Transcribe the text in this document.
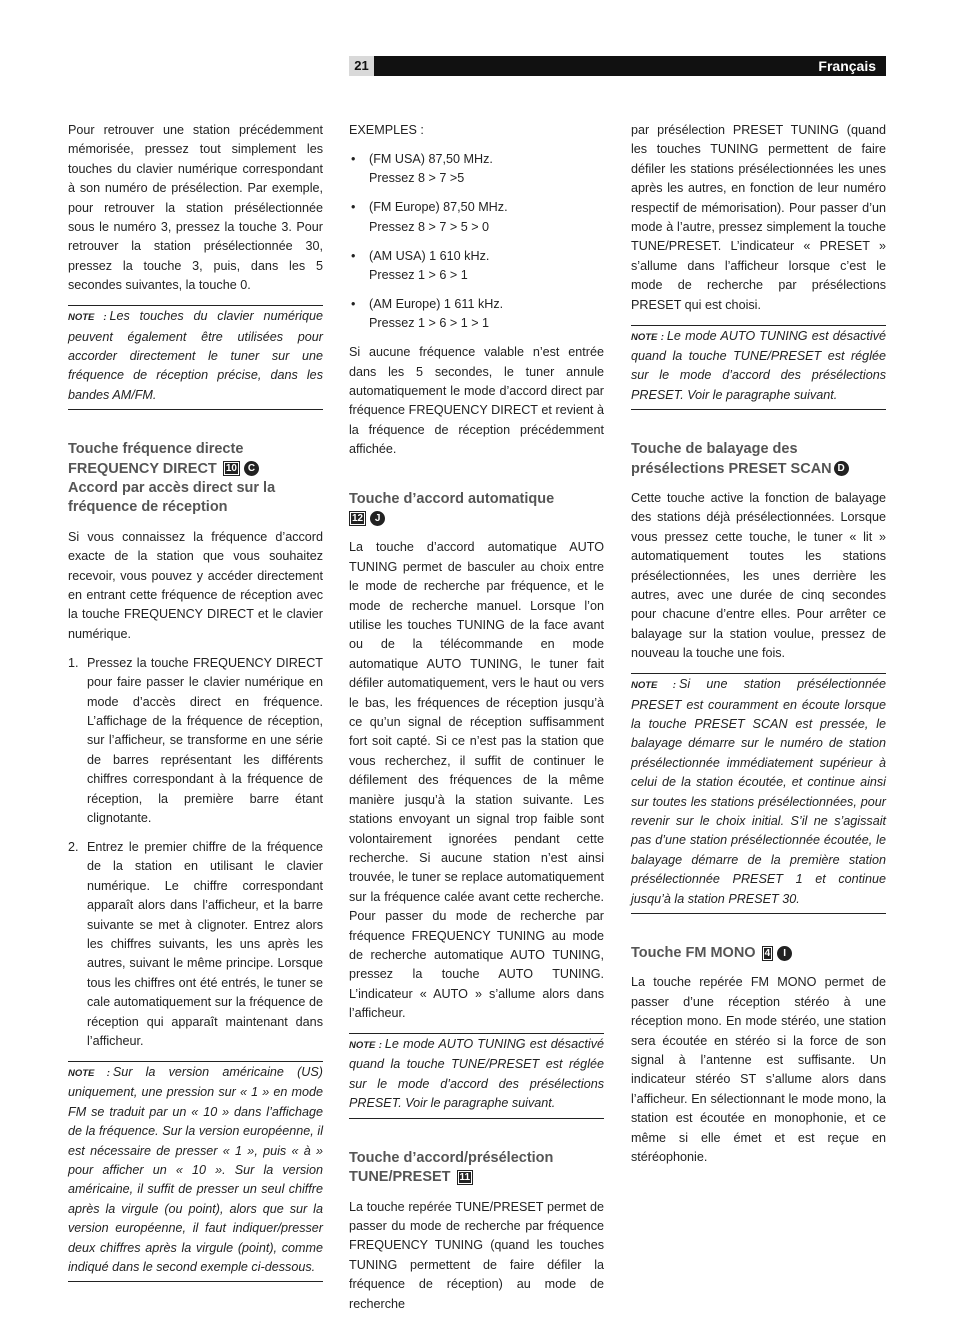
21	Français

Pour retrouver une station précédemment mémorisée, pressez tout simplement les touches du clavier numérique correspondant à son numéro de présélection. Par exemple, pour retrouver la station présélectionnée sous le numéro 3, pressez la touche 3. Pour retrouver la station présélectionnée 30, pressez la touche 3, puis, dans les 5 secondes suivantes, la touche 0.

NOTE : Les touches du clavier numérique peuvent également être utilisées pour accorder directement le tuner sur une fréquence de réception précise, dans les bandes AM/FM.
Touche fréquence directe
FREQUENCY DIRECT 10 C
Accord par accès direct sur la fréquence de réception

Si vous connaissez la fréquence d’accord exacte de la station que vous souhaitez recevoir, vous pouvez y accéder directement en entrant cette fréquence de réception avec la touche FREQUENCY DIRECT et le clavier numérique.

1. Pressez la touche FREQUENCY DIRECT pour faire passer le clavier numérique en mode d’accès direct en fréquence. L’affichage de la fréquence de réception, sur l’afficheur, se transforme en une série de barres représentant les différents chiffres correspondant à la fréquence de réception, la première barre étant clignotante.
2. Entrez le premier chiffre de la fréquence de la station en utilisant le clavier numérique. Le chiffre correspondant apparaît alors dans l’afficheur, et la barre suivante se met à clignoter. Entrez alors les chiffres suivants, les uns après les autres, suivant le même principe. Lorsque tous les chiffres ont été entrés, le tuner se cale automatiquement sur la fréquence de réception qui apparaît maintenant dans l’afficheur.
NOTE : Sur la version américaine (US) uniquement, une pression sur « 1 » en mode FM se traduit par un « 10 » dans l’affichage de la fréquence. Sur la version européenne, il est nécessaire de presser « 1 », puis « à » pour afficher un « 10 ». Sur la version américaine, il suffit de presser un seul chiffre après la virgule (ou point), alors que sur la version européenne, il faut indiquer/presser deux chiffres après la virgule (point), comme indiqué dans le second exemple ci-dessous.

EXEMPLES :

• (FM USA) 87,50 MHz.
Pressez 8 > 7 >5
• (FM Europe) 87,50 MHz.
Pressez 8 > 7 > 5 > 0
• (AM USA) 1 610 kHz.
Pressez 1 > 6 > 1
• (AM Europe) 1 611 kHz.
Pressez 1 > 6 > 1 > 1

Si aucune fréquence valable n’est entrée dans les 5 secondes, le tuner annule automatiquement le mode d’accord direct par fréquence FREQUENCY DIRECT et revient à la fréquence de réception précédemment affichée.

Touche d’accord automatique
12 J

La touche d’accord automatique AUTO TUNING permet de basculer au choix entre le mode de recherche par fréquence, et le mode de recherche manuel. Lorsque l’on utilise les touches TUNING de la face avant ou de la télécommande en mode automatique AUTO TUNING, le tuner fait défiler automatiquement, vers le haut ou vers le bas, les fréquences de réception jusqu’à ce qu’un signal de réception suffisamment fort soit capté. Si ce n’est pas la station que vous recherchez, il suffit de continuer le défilement des fréquences de la même manière jusqu’à la station suivante. Les stations envoyant un signal trop faible sont volontairement ignorées pendant cette recherche. Si aucune station n’est ainsi trouvée, le tuner se replace automatiquement sur la fréquence calée avant cette recherche. Pour passer du mode de recherche par fréquence FREQUENCY TUNING au mode de recherche automatique AUTO TUNING, pressez la touche AUTO TUNING. L’indicateur « AUTO » s’allume alors dans l’afficheur.

NOTE : Le mode AUTO TUNING est désactivé quand la touche TUNE/PRESET est réglée sur le mode d’accord des présélections PRESET. Voir le paragraphe suivant.
Touche d’accord/présélection
TUNE/PRESET 11

La touche repérée TUNE/PRESET permet de passer du mode de recherche par fréquence FREQUENCY TUNING (quand les touches TUNING permettent de faire défiler la fréquence de réception) au mode de recherche

par présélection PRESET TUNING (quand les touches TUNING permettent de faire défiler les stations présélectionnées les unes après les autres, en fonction de leur numéro respectif de mémorisation). Pour passer d’un mode à l’autre, pressez simplement la touche TUNE/PRESET. L’indicateur « PRESET » s’allume dans l’afficheur lorsque c’est le mode de recherche par présélections PRESET qui est choisi.

NOTE : Le mode AUTO TUNING est désactivé quand la touche TUNE/PRESET est réglée sur le mode d’accord des présélections PRESET. Voir le paragraphe suivant.
Touche de balayage des
présélections PRESET SCAN D

Cette touche active la fonction de balayage des stations déjà présélectionnées. Lorsque vous pressez cette touche, le tuner « lit » automatiquement toutes les stations présélectionnées, les unes derrière les autres, avec une durée de cinq secondes pour chacune d’entre elles. Pour arrêter ce balayage sur la station voulue, pressez de nouveau la touche une fois.

NOTE : Si une station présélectionnée PRESET est couramment en écoute lorsque la touche PRESET SCAN est pressée, le balayage démarre sur le numéro de station présélectionnée immédiatement supérieur à celui de la station écoutée, et continue ainsi sur toutes les stations présélectionnées, pour revenir sur le choix initial. S’il ne s’agissait pas d’une station présélectionnée écoutée, le balayage démarre de la première station présélectionnée PRESET 1 et continue jusqu’à la station PRESET 30.
Touche FM MONO 4 I

La touche repérée FM MONO permet de passer d’une réception stéréo à une réception mono. En mode stéréo, une station sera écoutée en stéréo si la force de son signal à l’antenne est suffisante. Un indicateur stéréo ST s’allume alors dans l’afficheur. En sélectionnant le mode mono, la station est écoutée en monophonie, et ce même si elle émet et est reçue en stéréophonie.
